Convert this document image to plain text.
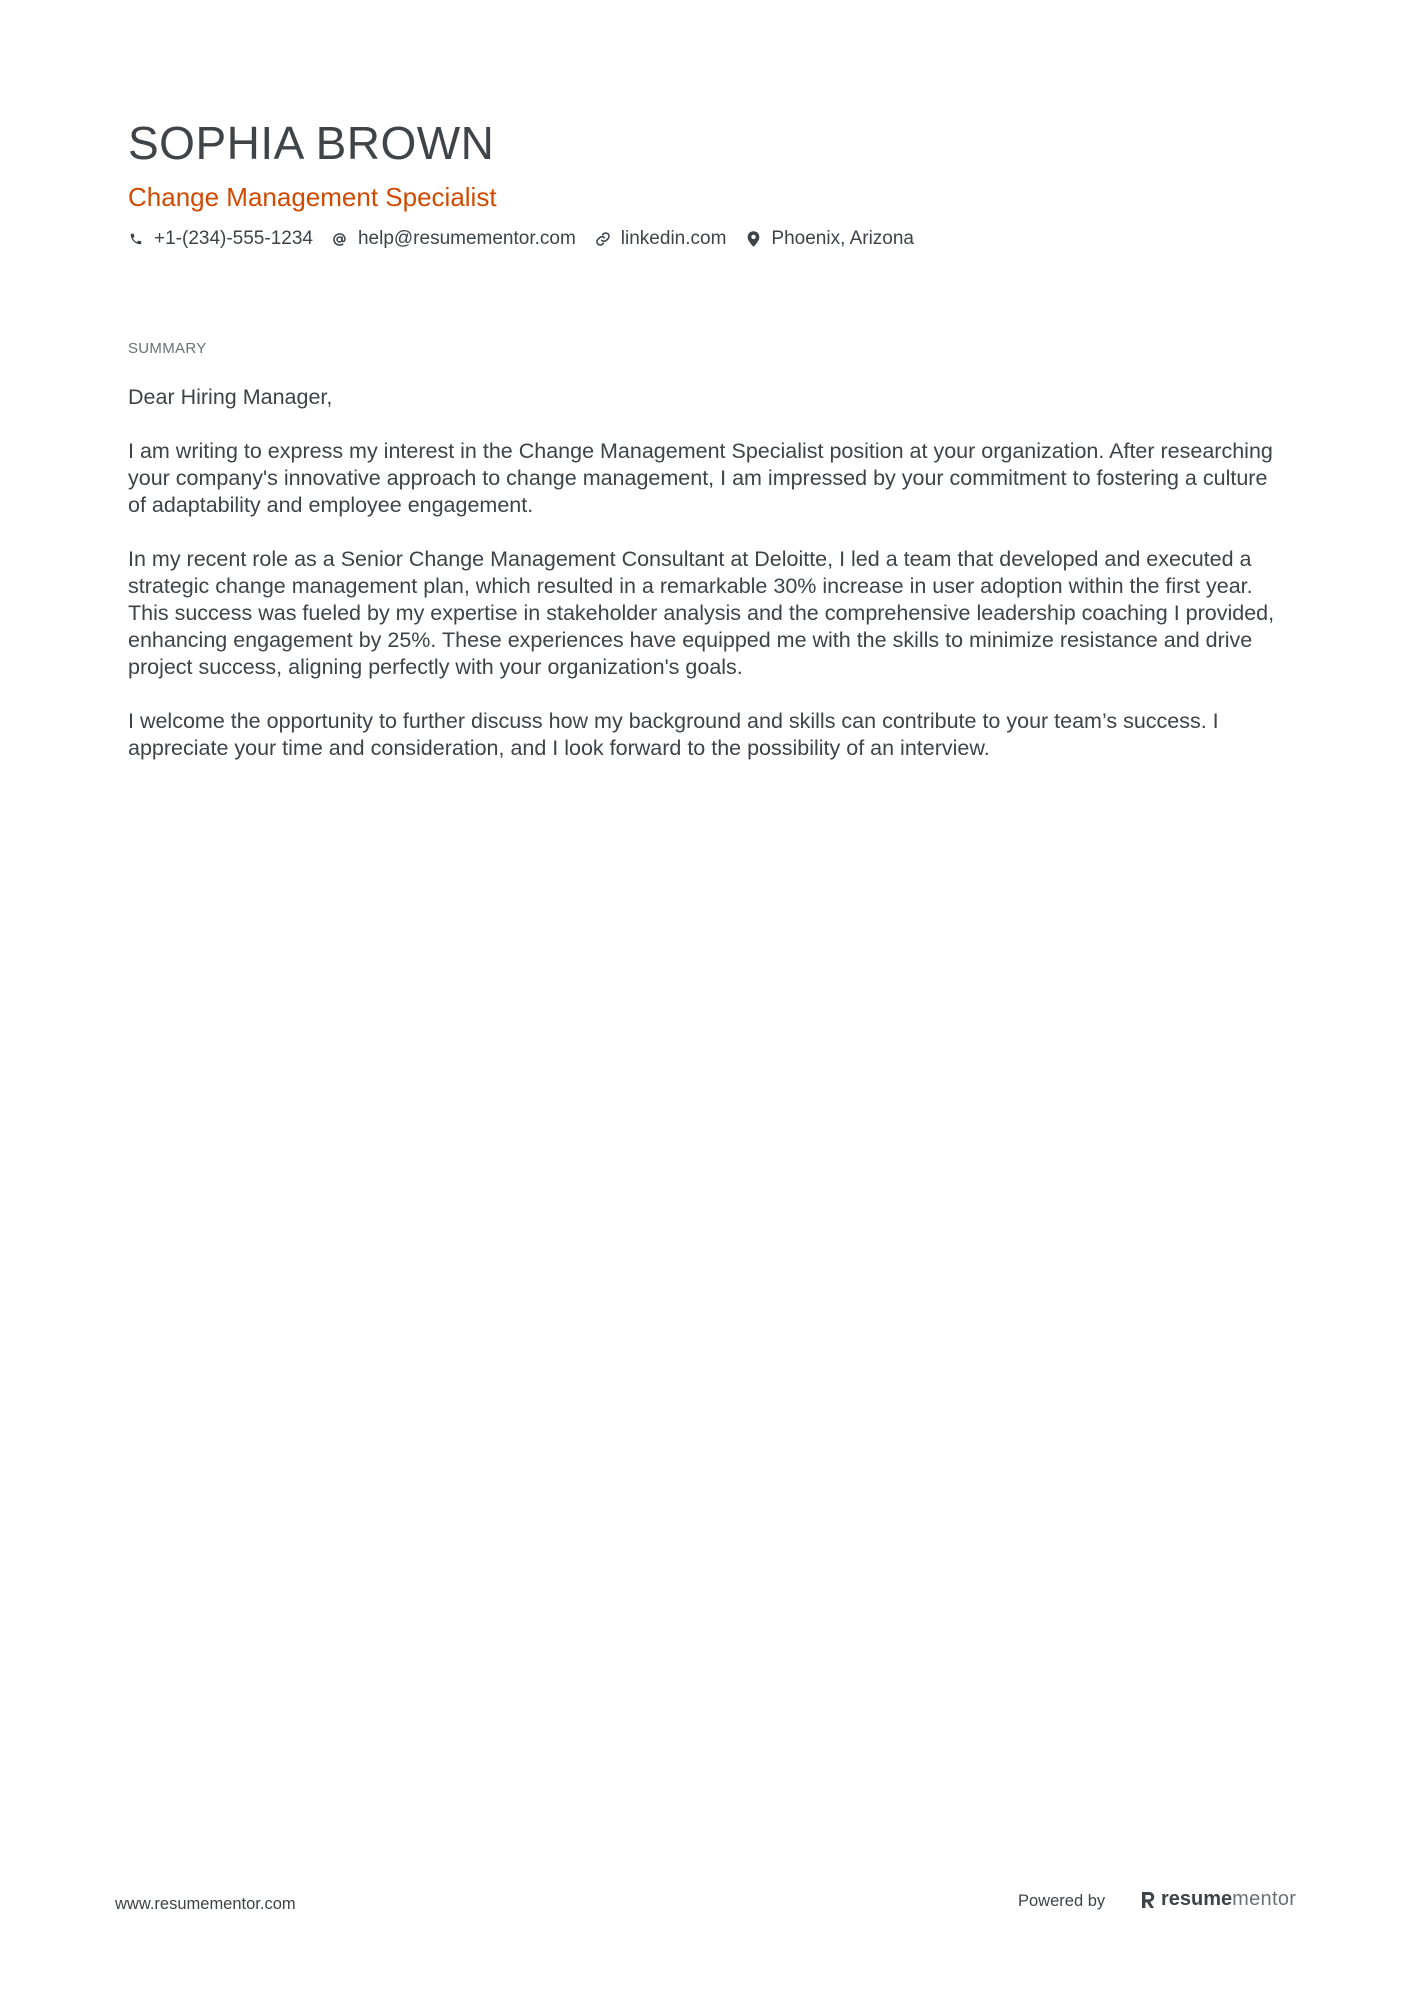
SOPHIA BROWN
Change Management Specialist
+1-(234)-555-1234 help@resumementor.com linkedin.com Phoenix, Arizona
SUMMARY

Dear Hiring Manager,

I am writing to express my interest in the Change Management Specialist position at your organization. After researching your company's innovative approach to change management, I am impressed by your commitment to fostering a culture of adaptability and employee engagement.

In my recent role as a Senior Change Management Consultant at Deloitte, I led a team that developed and executed a strategic change management plan, which resulted in a remarkable 30% increase in user adoption within the first year. This success was fueled by my expertise in stakeholder analysis and the comprehensive leadership coaching I provided, enhancing engagement by 25%. These experiences have equipped me with the skills to minimize resistance and drive project success, aligning perfectly with your organization's goals.

I welcome the opportunity to further discuss how my background and skills can contribute to your team’s success. I appreciate your time and consideration, and I look forward to the possibility of an interview.

www.resumementor.com	Powered by	resume mentor
